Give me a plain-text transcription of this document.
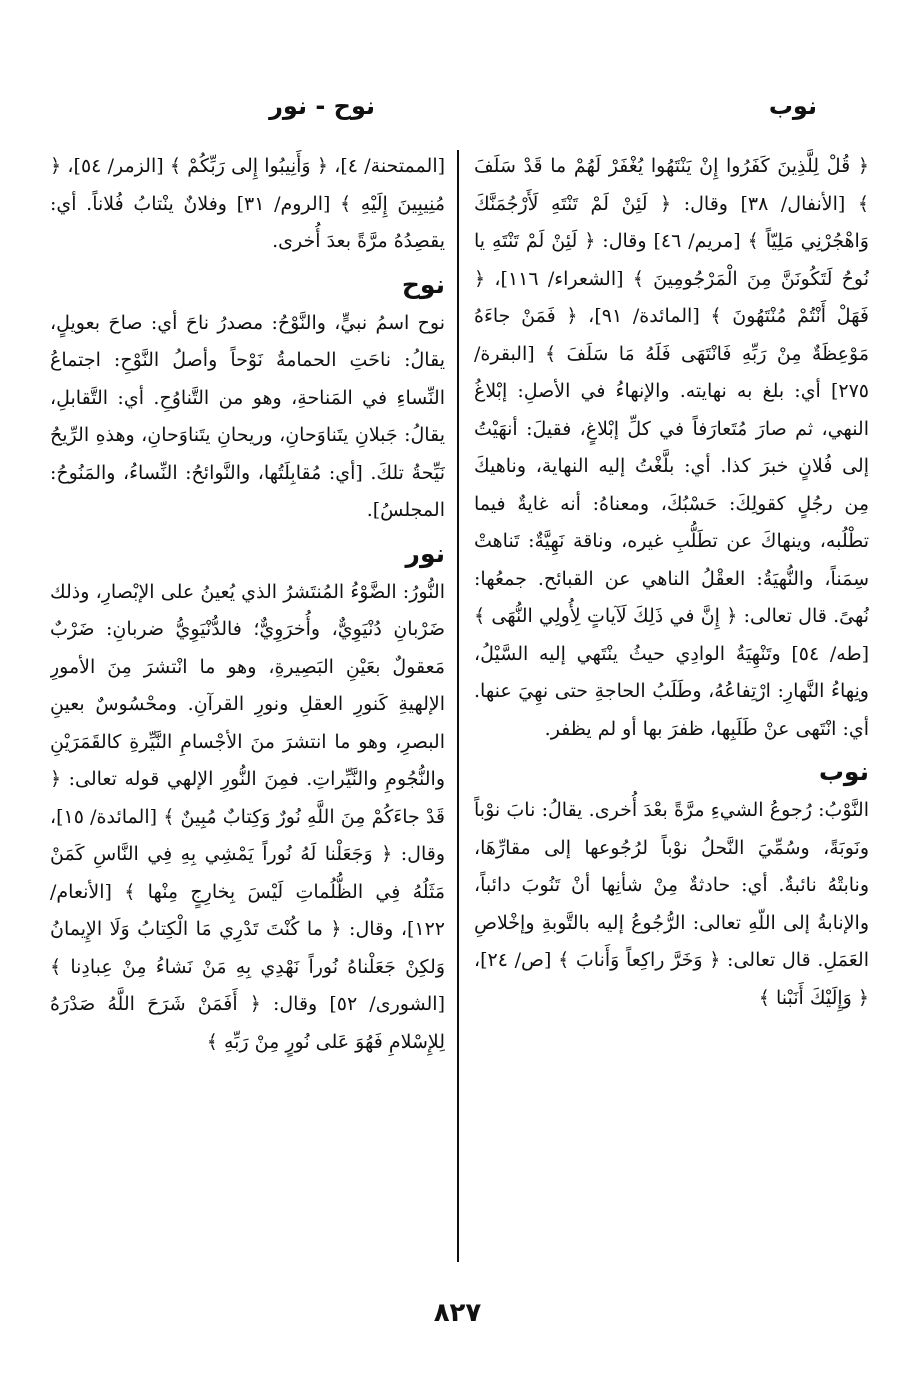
نوب
نوح - نور

﴿ قُلْ لِلَّذِينَ كَفَرُوا إِنْ يَنْتَهُوا يُغْفَرْ لَهُمْ ما قَدْ سَلَفَ ﴾ [الأنفال/ ٣٨] وقال: ﴿ لَئِنْ لَمْ تَنْتَهِ لَأَرْجُمَنَّكَ وَاهْجُرْنِي مَلِيّاً ﴾ [مريم/ ٤٦] وقال: ﴿ لَئِنْ لَمْ تَنْتَهِ يا نُوحُ لَتَكُونَنَّ مِنَ الْمَرْجُومِينَ ﴾ [الشعراء/ ١١٦]، ﴿ فَهَلْ أَنْتُمْ مُنْتَهُونَ ﴾ [المائدة/ ٩١]، ﴿ فَمَنْ جاءَهُ مَوْعِظَةٌ مِنْ رَبِّهِ فَانْتَهَى فَلَهُ مَا سَلَفَ ﴾ [البقرة/ ٢٧٥] أي: بلغ به نهايته. والإنهاءُ في الأصلِ: إبْلاغُ النهي، ثم صارَ مُتَعارَفاً في كلِّ إبْلاغٍ، فقيلَ: أنهَيْتُ إلى فُلانٍ خبرَ كذا. أي: بلَّغْتُ إليه النهاية، وناهيكَ مِن رجُلٍ كقولِكَ: حَسْبُكَ، ومعناهُ: أنه غايةٌ فيما تطْلُبه، وينهاكَ عن تطَلُّبِ غيره، وناقة نَهِيَّةٌ: تَناهتْ سِمَناً، والنُّهيَةُ: العقْلُ الناهي عن القبائح. جمعُها: نُهىً. قال تعالى: ﴿ إِنَّ في ذَلِكَ لَآياتٍ لِأُولِي النُّهَى ﴾ [طه/ ٥٤] وتَنْهِيَةُ الوادِي حيثُ ينْتَهي إليه السَّيْلُ، ونِهاءُ النَّهارِ: ارْتِفاعُهُ، وطَلَبُ الحاجةِ حتى نهِيَ عنها. أي: انْتَهى عنْ طَلَبِها، ظفرَ بها أو لم يظفر.

نوب

النَّوْبُ: رُجوعُ الشيءِ مرَّةً بعْدَ أُخرى. يقالُ: نابَ نوْباً ونَوبَةً، وسُمِّيَ النَّحلُ نوْباً لرُجُوعها إلى مقارِّهَا، ونابتْهُ نائبةٌ. أي: حادثةٌ مِنْ شأنِها أنْ تَنُوبَ دائباً، والإنابةُ إلى اللّهِ تعالى: الرُّجُوعُ إليه بالتَّوبةِ وإخْلاصِ العَمَلِ. قال تعالى: ﴿ وَخَرَّ راكِعاً وَأَنابَ ﴾ [ص/ ٢٤]، ﴿ وَإِلَيْكَ أَنَبْنا ﴾

[الممتحنة/ ٤]، ﴿ وَأَنِيبُوا إِلى رَبِّكُمْ ﴾ [الزمر/ ٥٤]، ﴿ مُنِيبِينَ إِلَيْهِ ﴾ [الروم/ ٣١] وفلانٌ ينْتابُ فُلاناً. أي: يقصِدُهُ مرَّةً بعدَ أُخرى.

نوح

نوح اسمُ نبيٍّ، والنَّوْحُ: مصدرُ ناحَ أي: صاحَ بعويلٍ، يقالُ: ناحَتِ الحمامةُ نَوْحاً وأصلُ النَّوْحِ: اجتماعُ النِّساءِ في المَناحةِ، وهو من التَّناوُحِ. أي: التَّقابلِ، يقالُ: جَبلانِ يتَناوَحانِ، وريحانِ يتَناوَحانِ، وهذهِ الرِّيحُ نَيِّحةُ تلكَ. [أي: مُقابِلَتُها، والنَّوائحُ: النِّساءُ، والمَنُوحُ: المجلسُ].

نور

النُّورُ: الضَّوْءُ المُنتَشرُ الذي يُعينُ على الإبْصارِ، وذلك ضَرْبانِ دُنْيَوِيٌّ، وأُخرَوِيٌّ؛ فالدُّنْيَوِيُّ ضربانِ: ضَرْبٌ مَعقولٌ بعَيْنِ البَصِيرةِ، وهو ما انْتشرَ مِنَ الأمورِ الإلهيةِ كَنورِ العقلِ ونورِ القرآنِ. ومحْسُوسٌ بعينِ البصرِ، وهو ما انتشرَ منَ الأجْسامِ النَّيِّرةِ كالقَمَرَيْنِ والنُّجُومِ والنَّيِّراتِ. فمِنَ النُّورِ الإلهي قوله تعالى: ﴿ قَدْ جاءَكُمْ مِنَ اللَّهِ نُورٌ وَكِتابٌ مُبِينٌ ﴾ [المائدة/ ١٥]، وقال: ﴿ وَجَعَلْنا لَهُ نُوراً يَمْشِي بِهِ فِي النَّاسِ كَمَنْ مَثَلُهُ فِي الظُّلُماتِ لَيْسَ بِخارِجٍ مِنْها ﴾ [الأنعام/ ١٢٢]، وقال: ﴿ ما كُنْتَ تَدْرِي مَا الْكِتابُ وَلَا الإِيمانُ وَلكِنْ جَعَلْناهُ نُوراً نَهْدِي بِهِ مَنْ نَشاءُ مِنْ عِبادِنا ﴾ [الشورى/ ٥٢] وقال: ﴿ أَفَمَنْ شَرَحَ اللَّهُ صَدْرَهُ لِلإِسْلامِ فَهُوَ عَلى نُورٍ مِنْ رَبِّهِ ﴾

٨٢٧
